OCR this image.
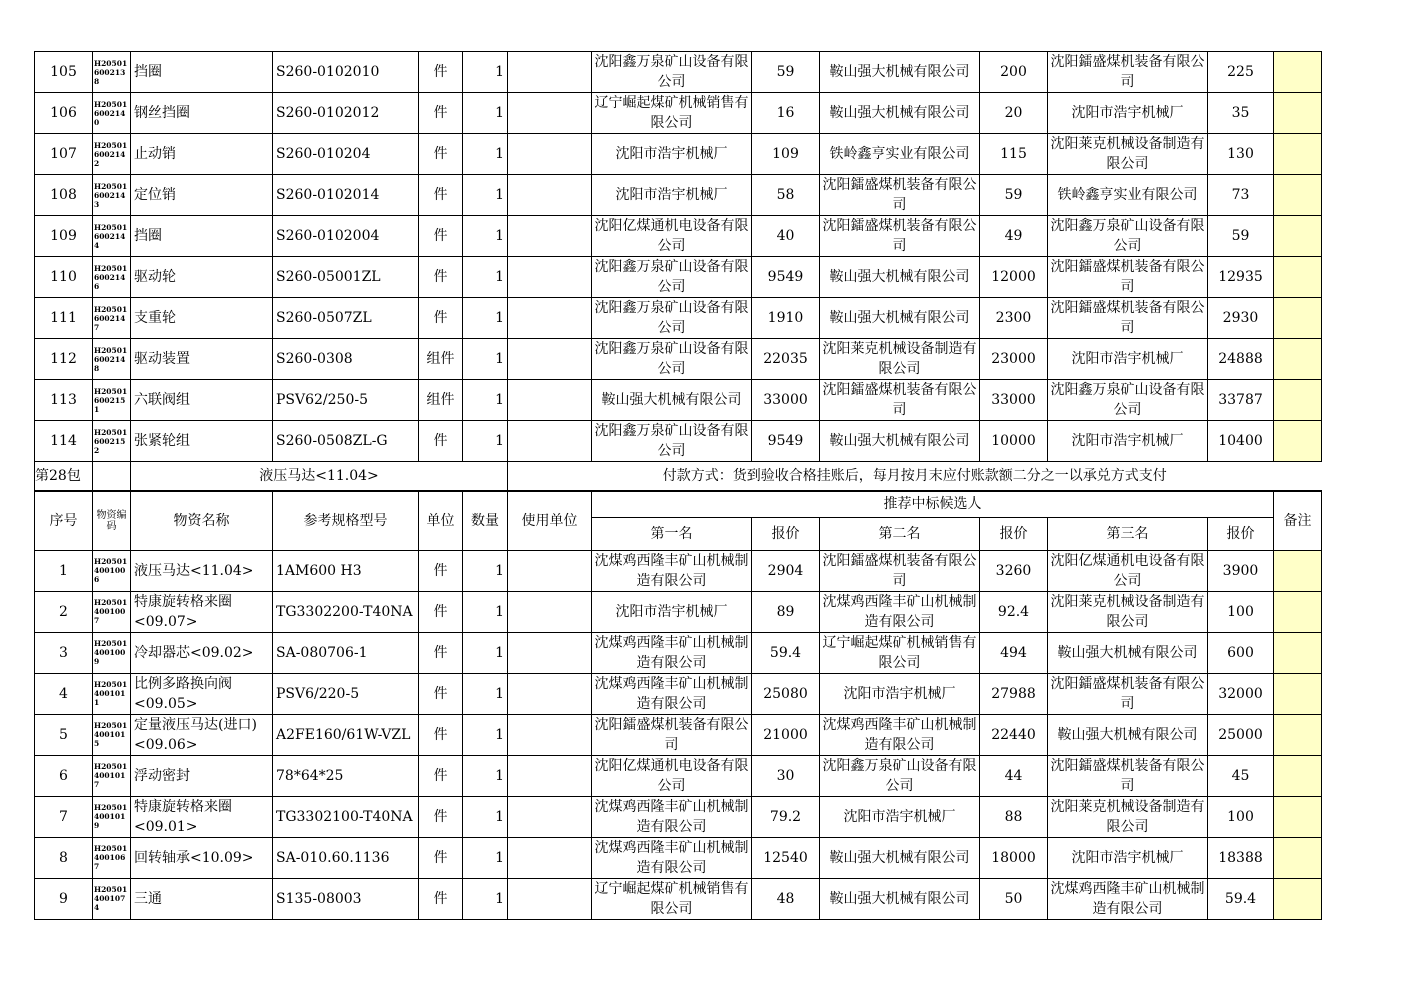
105	H20501600213 8	挡圈	S260-0102010	件	1		沈阳鑫万泉矿山设备有限公司	59	鞍山强大机械有限公司	200	沈阳鐳盛煤机装备有限公司	225	
106	H20501600214 0	钢丝挡圈	S260-0102012	件	1		辽宁崛起煤矿机械销售有限公司	16	鞍山强大机械有限公司	20	沈阳市浩宇机械厂	35	
107	H20501600214 2	止动销	S260-010204	件	1		沈阳市浩宇机械厂	109	铁岭鑫亨实业有限公司	115	沈阳莱克机械设备制造有限公司	130	
108	H20501600214 3	定位销	S260-0102014	件	1		沈阳市浩宇机械厂	58	沈阳鐳盛煤机装备有限公司	59	铁岭鑫亨实业有限公司	73	
109	H20501600214 4	挡圈	S260-0102004	件	1		沈阳亿煤通机电设备有限公司	40	沈阳鐳盛煤机装备有限公司	49	沈阳鑫万泉矿山设备有限公司	59	
110	H20501600214 6	驱动轮	S260-05001ZL	件	1		沈阳鑫万泉矿山设备有限公司	9549	鞍山强大机械有限公司	12000	沈阳鐳盛煤机装备有限公司	12935	
111	H20501600214 7	支重轮	S260-0507ZL	件	1		沈阳鑫万泉矿山设备有限公司	1910	鞍山强大机械有限公司	2300	沈阳鐳盛煤机装备有限公司	2930	
112	H20501600214 8	驱动装置	S260-0308	组件	1		沈阳鑫万泉矿山设备有限公司	22035	沈阳莱克机械设备制造有限公司	23000	沈阳市浩宇机械厂	24888	
113	H20501600215 1	六联阀组	PSV62/250-5	组件	1		鞍山强大机械有限公司	33000	沈阳鐳盛煤机装备有限公司	33000	沈阳鑫万泉矿山设备有限公司	33787	
114	H20501600215 2	张紧轮组	S260-0508ZL-G	件	1		沈阳鑫万泉矿山设备有限公司	9549	鞍山强大机械有限公司	10000	沈阳市浩宇机械厂	10400	
第28包		液压马达<11.04>				付款方式：货到验收合格挂账后，每月按月末应付账款额二分之一以承兑方式支付							
序号	物资编码	物资名称	参考规格型号	单位	数量	使用单位	推荐中标候选人						备注
							第一名	报价	第二名	报价	第三名	报价	
1	H20501400100 6	液压马达<11.04>	1AM600 H3	件	1		沈煤鸡西隆丰矿山机械制造有限公司	2904	沈阳鐳盛煤机装备有限公司	3260	沈阳亿煤通机电设备有限公司	3900	
2	H20501400100 7	特康旋转格来圈<09.07>	TG3302200-T40NA	件	1		沈阳市浩宇机械厂	89	沈煤鸡西隆丰矿山机械制造有限公司	92.4	沈阳莱克机械设备制造有限公司	100	
3	H20501400100 9	冷却器芯<09.02>	SA-080706-1	件	1		沈煤鸡西隆丰矿山机械制造有限公司	59.4	辽宁崛起煤矿机械销售有限公司	494	鞍山强大机械有限公司	600	
4	H20501400101 1	比例多路换向阀<09.05>	PSV6/220-5	件	1		沈煤鸡西隆丰矿山机械制造有限公司	25080	沈阳市浩宇机械厂	27988	沈阳鐳盛煤机装备有限公司	32000	
5	H20501400101 5	定量液压马达(进口)<09.06>	A2FE160/61W-VZL	件	1		沈阳鐳盛煤机装备有限公司	21000	沈煤鸡西隆丰矿山机械制造有限公司	22440	鞍山强大机械有限公司	25000	
6	H20501400101 7	浮动密封	78*64*25	件	1		沈阳亿煤通机电设备有限公司	30	沈阳鑫万泉矿山设备有限公司	44	沈阳鐳盛煤机装备有限公司	45	
7	H20501400101 9	特康旋转格来圈<09.01>	TG3302100-T40NA	件	1		沈煤鸡西隆丰矿山机械制造有限公司	79.2	沈阳市浩宇机械厂	88	沈阳莱克机械设备制造有限公司	100	
8	H20501400106 7	回转轴承<10.09>	SA-010.60.1136	件	1		沈煤鸡西隆丰矿山机械制造有限公司	12540	鞍山强大机械有限公司	18000	沈阳市浩宇机械厂	18388	
9	H20501400107 4	三通	S135-08003	件	1		辽宁崛起煤矿机械销售有限公司	48	鞍山强大机械有限公司	50	沈煤鸡西隆丰矿山机械制造有限公司	59.4	
